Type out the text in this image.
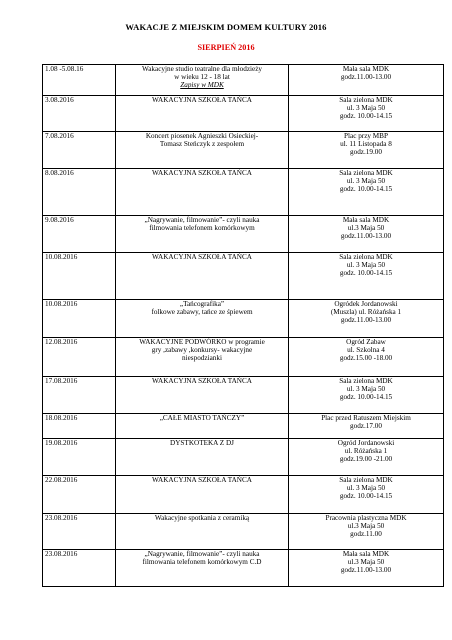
WAKACJE Z MIEJSKIM DOMEM KULTURY 2016
SIERPIEŃ 2016
1.08 -5.08.16	Wakacyjne studio teatralne dla młodzieży
w wieku 12 - 18 lat
Zapisy w MDK	Mała sala MDK
godz.11.00-13.00

3.08.2016	WAKACYJNA SZKOŁA TAŃCA	Sala zielona MDK
ul. 3 Maja 50
godz. 10.00-14.15

7.08.2016	Koncert piosenek Agnieszki Osieckiej-
Tomasz Steńczyk z zespołem	Plac przy MBP
ul. 11 Listopada 8
godz.19.00

8.08.2016	WAKACYJNA SZKOŁA TAŃCA	Sala zielona MDK
ul. 3 Maja 50
godz. 10.00-14.15

9.08.2016	„Nagrywanie, filmowanie”- czyli nauka
filmowania telefonem komórkowym	Mała sala MDK
ul.3 Maja 50
godz.11.00-13.00

10.08.2016	WAKACYJNA SZKOŁA TAŃCA	Sala zielona MDK
ul. 3 Maja 50
godz. 10.00-14.15

10.08.2016	„Tańcografika”
folkowe zabawy, tańce ze śpiewem	Ogródek Jordanowski
(Muszla) ul. Różańska 1
godz.11.00-13.00

12.08.2016	WAKACYJNE PODWÓRKO w programie
gry ,zabawy ,konkursy- wakacyjne
niespodzianki	Ogród Zabaw
ul. Szkolna 4
godz.15.00 -18.00

17.08.2016	WAKACYJNA SZKOŁA TAŃCA	Sala zielona MDK
ul. 3 Maja 50
godz. 10.00-14.15

18.08.2016	„CAŁE MIASTO TAŃCZY”	Plac przed Ratuszem Miejskim
godz.17.00

19.08.2016	DYSTKOTEKA Z DJ	Ogród Jordanowski
ul. Różańska 1
godz.19.00 -21.00

22.08.2016	WAKACYJNA SZKOŁA TAŃCA	Sala zielona MDK
ul. 3 Maja 50
godz. 10.00-14.15

23.08.2016	Wakacyjne spotkania z ceramiką	Pracownia plastyczna MDK
ul.3 Maja 50
godz.11.00

23.08.2016	„Nagrywanie, filmowanie”- czyli nauka
filmowania telefonem komórkowym C.D	Mała sala MDK
ul.3 Maja 50
godz.11.00-13.00
